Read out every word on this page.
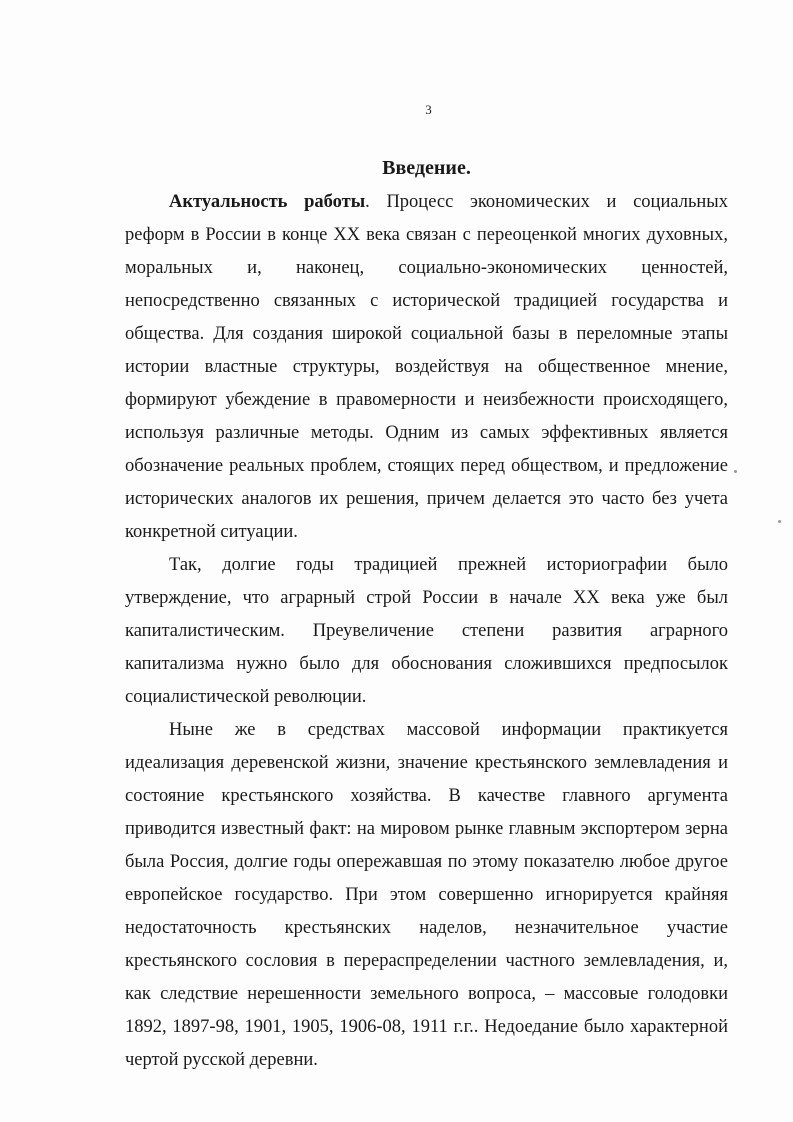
3
Введение.

Актуальность работы. Процесс экономических и социальных реформ в России в конце XX века связан с переоценкой многих духовных, моральных и, наконец, социально-экономических ценностей, непосредственно связанных с исторической традицией государства и общества. Для создания широкой социальной базы в переломные этапы истории властные структуры, воздействуя на общественное мнение, формируют убеждение в правомерности и неизбежности происходящего, используя различные методы. Одним из самых эффективных является обозначение реальных проблем, стоящих перед обществом, и предложение исторических аналогов их решения, причем делается это часто без учета конкретной ситуации.

Так, долгие годы традицией прежней историографии было утверждение, что аграрный строй России в начале XX века уже был капиталистическим. Преувеличение степени развития аграрного капитализма нужно было для обоснования сложившихся предпосылок социалистической революции.

Ныне же в средствах массовой информации практикуется идеализация деревенской жизни, значение крестьянского землевладения и состояние крестьянского хозяйства. В качестве главного аргумента приводится известный факт: на мировом рынке главным экспортером зерна была Россия, долгие годы опережавшая по этому показателю любое другое европейское государство. При этом совершенно игнорируется крайняя недостаточность крестьянских наделов, незначительное участие крестьянского сословия в перераспределении частного землевладения, и, как следствие нерешенности земельного вопроса, – массовые голодовки 1892, 1897-98, 1901, 1905, 1906-08, 1911 г.г.. Недоедание было характерной чертой русской деревни.
